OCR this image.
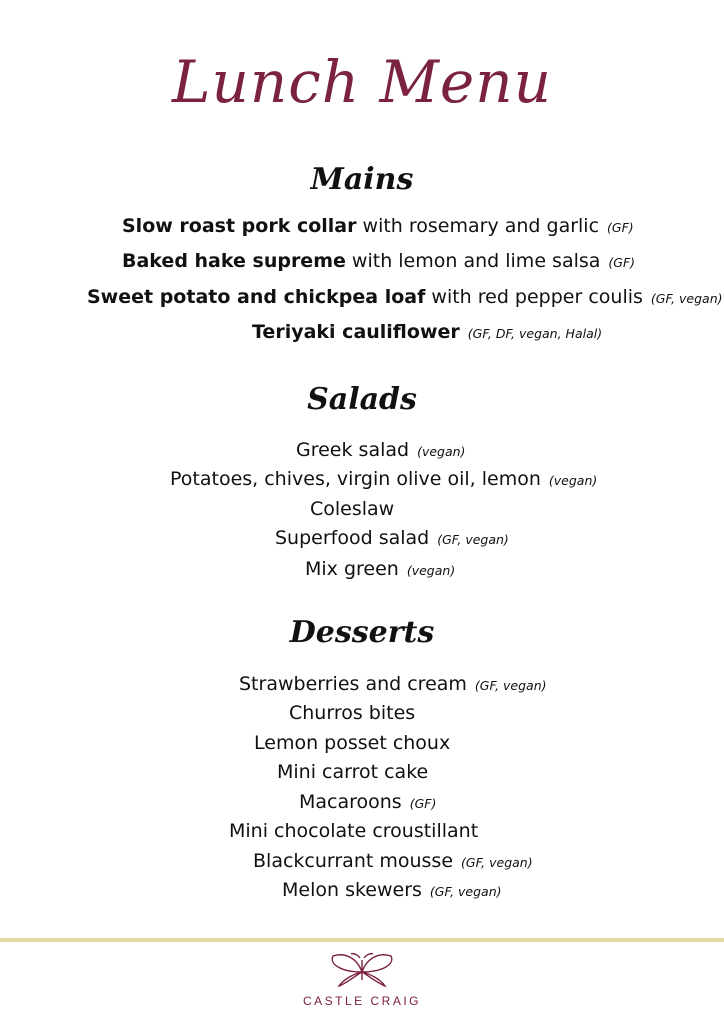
Lunch Menu
Mains
Slow roast pork collar with rosemary and garlic (GF)
Baked hake supreme with lemon and lime salsa (GF)
Sweet potato and chickpea loaf with red pepper coulis (GF, vegan)
Teriyaki cauliflower (GF, DF, vegan, Halal)
Salads
Greek salad (vegan)
Potatoes, chives, virgin olive oil, lemon (vegan)
Coleslaw
Superfood salad (GF, vegan)
Mix green (vegan)
Desserts
Strawberries and cream (GF, vegan)
Churros bites
Lemon posset choux
Mini carrot cake
Macaroons (GF)
Mini chocolate croustillant
Blackcurrant mousse (GF, vegan)
Melon skewers (GF, vegan)
CASTLE CRAIG
